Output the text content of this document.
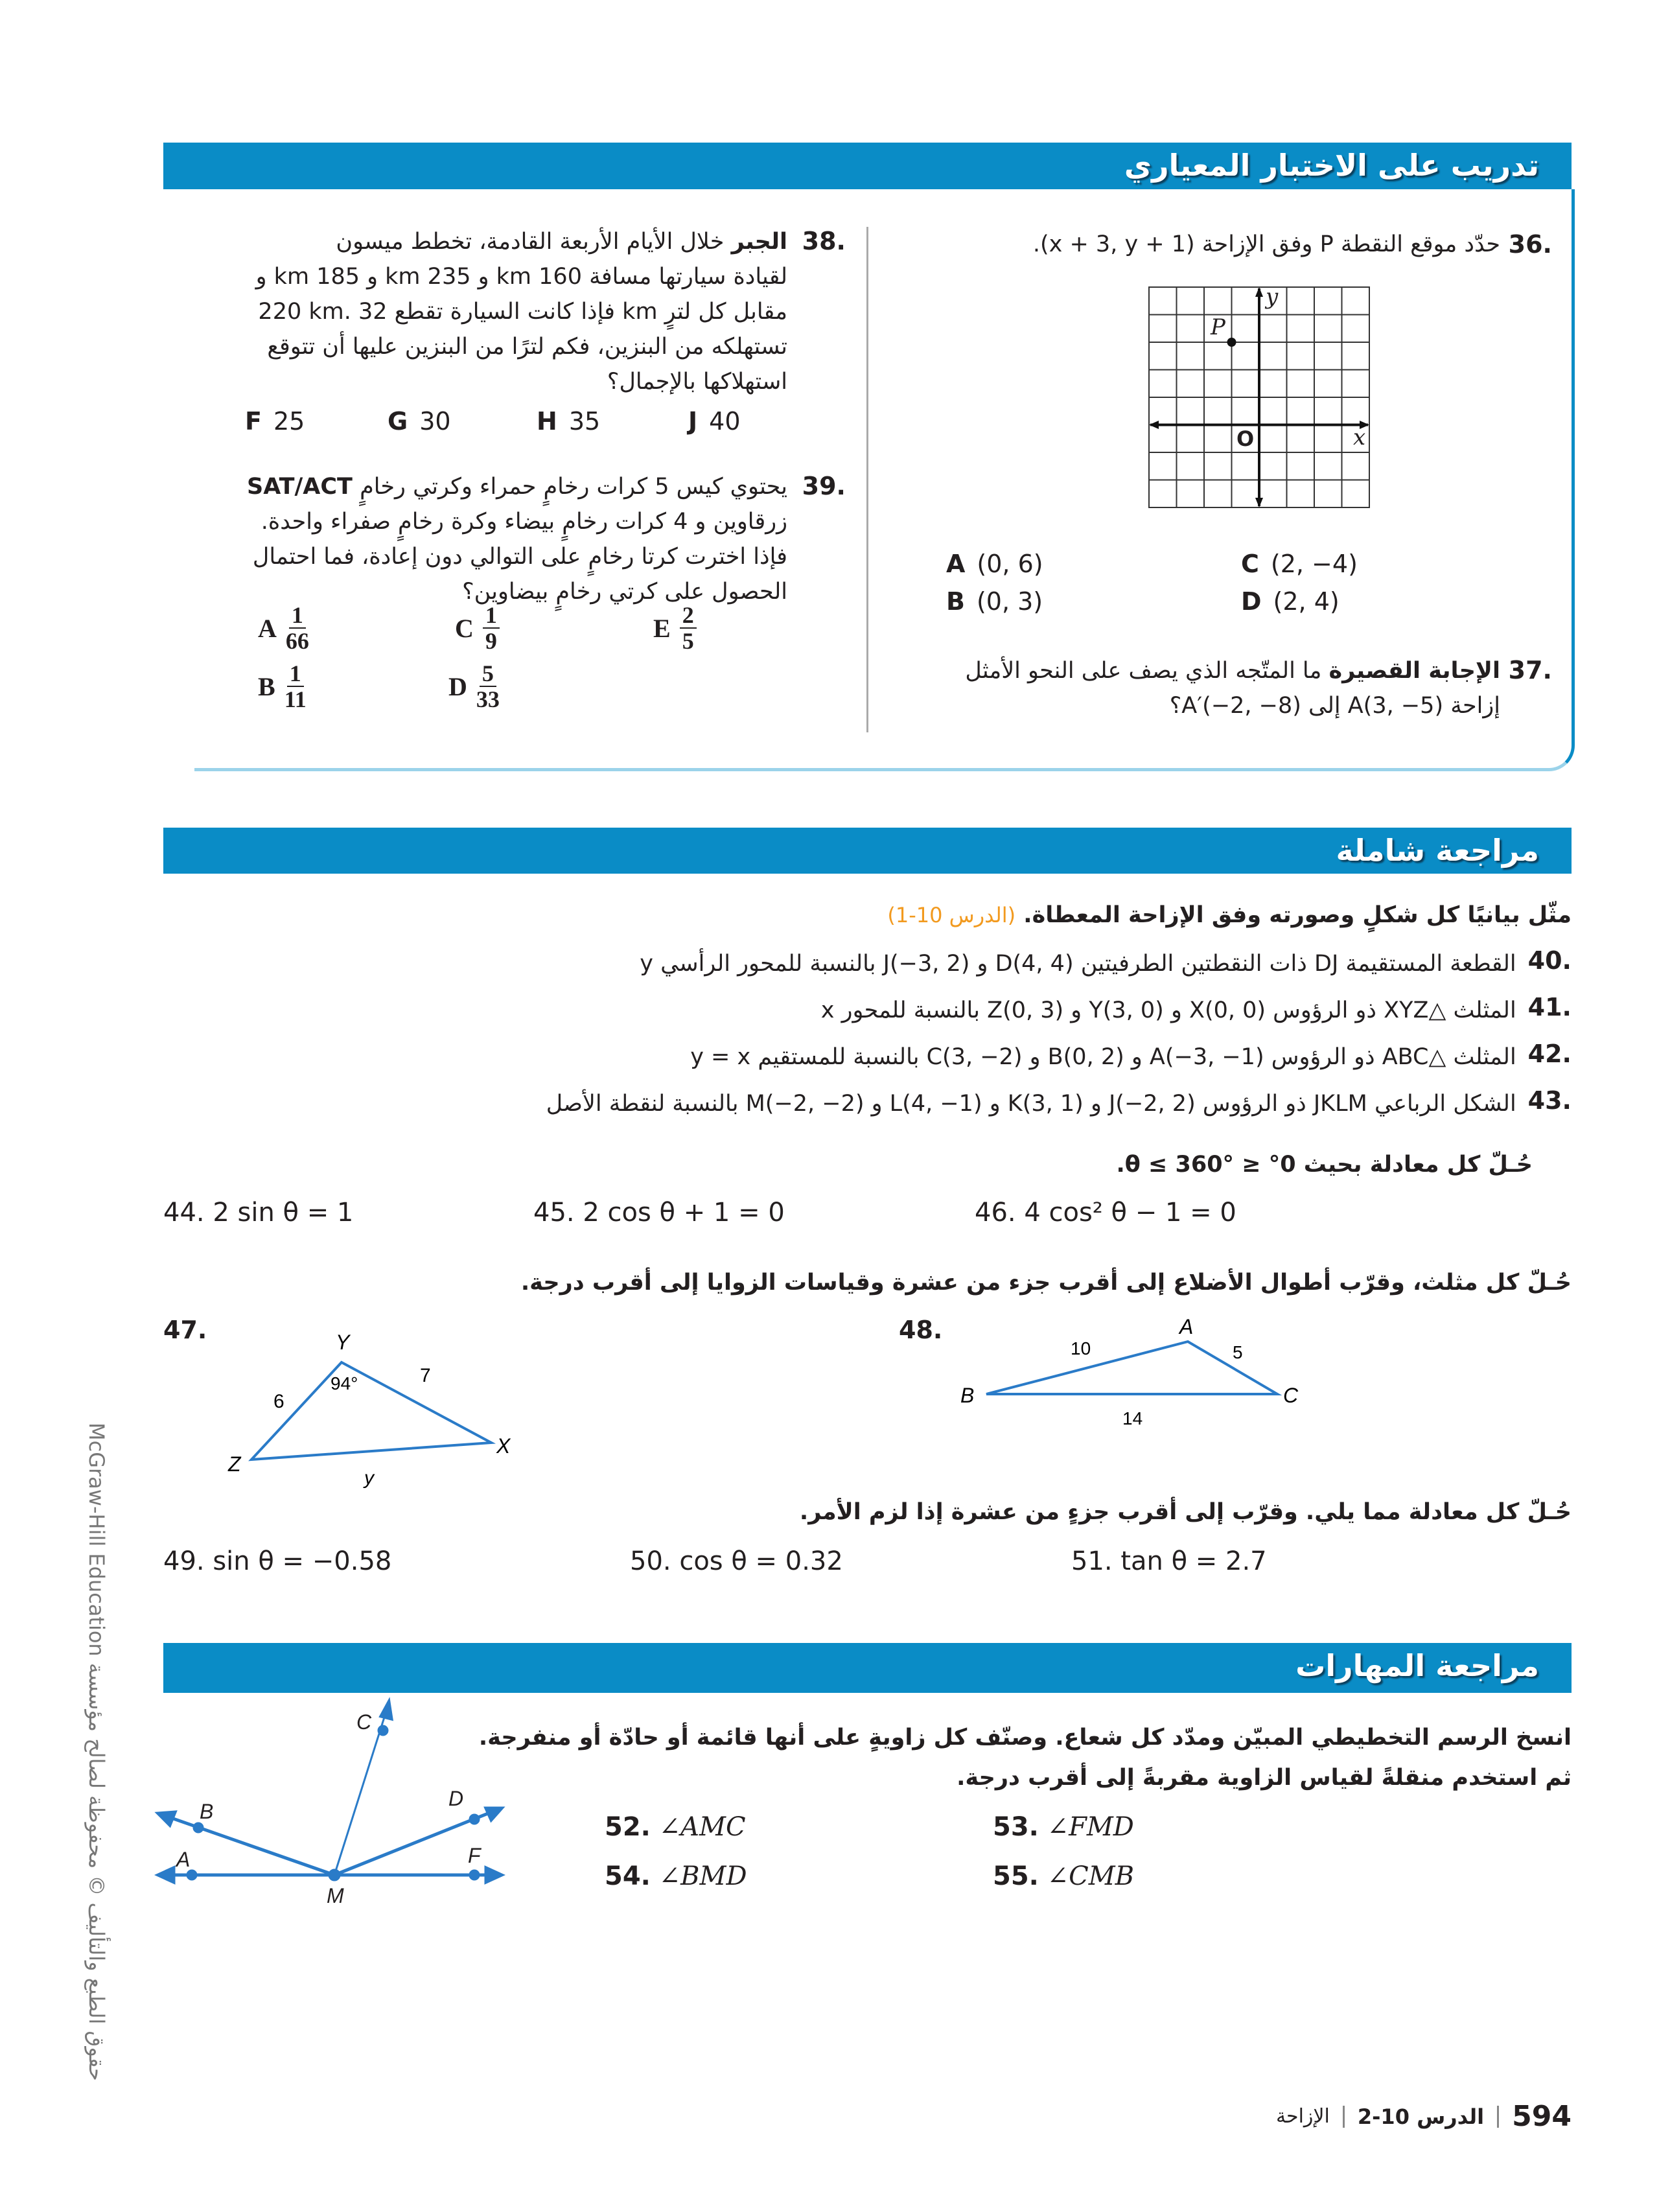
تدريب على الاختبار المعياري
36.
حدّد موقع النقطة P وفق الإزاحة (x + 3, y + 1).
P
y
x
O
A (0, 6)
B (0, 3)
C (2, −4)
D (2, 4)
37.
الإجابة القصيرة ما المتّجه الذي يصف على النحو الأمثل
إزاحة A(3, −5) إلى A′(−2, −8)؟
38.
الجبر خلال الأيام الأربعة القادمة، تخطط ميسون
لقيادة سيارتها مسافة 160 km و 235 km و 185 km و
220 km. فإذا كانت السيارة تقطع 32 km مقابل كل لترٍ
تستهلكه من البنزين، فكم لترًا من البنزين عليها أن تتوقع
استهلاكها بالإجمال؟
F 25	G 30	H 35	J 40
39.
SAT/ACT يحتوي كيس 5 كرات رخامٍ حمراء وكرتي رخامٍ
زرقاوين و 4 كرات رخامٍ بيضاء وكرة رخامٍ صفراء واحدة.
فإذا اخترت كرتا رخامٍ على التوالي دون إعادة، فما احتمال
الحصول على كرتي رخامٍ بيضاوين؟
A $\frac{1}{66}$
B $\frac{1}{11}$
C $\frac{1}{9}$
D $\frac{5}{33}$
E $\frac{2}{5}$
مراجعة شاملة
مثّل بيانيًا كل شكلٍ وصورته وفق الإزاحة المعطاة. (الدرس 10-1)
القطعة المستقيمة DJ ذات النقطتين الطرفيتين D(4, 4) و J(−3, 2) بالنسبة للمحور الرأسي y 40.
المثلث △XYZ ذو الرؤوس X(0, 0) و Y(3, 0) و Z(0, 3) بالنسبة للمحور x 41.
المثلث △ABC ذو الرؤوس A(−3, −1) و B(0, 2) و C(3, −2) بالنسبة للمستقيم y = x 42.
الشكل الرباعي JKLM ذو الرؤوس J(−2, 2) و K(3, 1) و L(4, −1) و M(−2, −2) بالنسبة لنقطة الأصل 43.
حُـلّ كل معادلة بحيث 0° ≤ θ ≤ 360°.
44. 2 sin θ = 1	45. 2 cos θ + 1 = 0	46. 4 cos² θ − 1 = 0
حُـلّ كل مثلث، وقرّب أطوال الأضلاع إلى أقرب جزء من عشرة وقياسات الزوايا إلى أقرب درجة.
47.	Y
Z
X
94°
6
7
y
48.	A
B	C
10	5
14
حُـلّ كل معادلة مما يلي. وقرّب إلى أقرب جزءٍ من عشرة إذا لزم الأمر.
49. sin θ = −0.58	50. cos θ = 0.32	51. tan θ = 2.7
مراجعة المهارات
A
B
C
D
F
M
انسخ الرسم التخطيطي المبيّن ومدّد كل شعاع. وصنّف كل زاويةٍ على أنها قائمة أو حادّة أو منفرجة.
ثم استخدم منقلةً لقياس الزاوية مقربةً إلى أقرب درجة.
52. ∠AMC	53. ∠FMD
54. ∠BMD	55. ∠CMB
McGraw-Hill Education حقوق الطبع والتأليف © محفوظة لصالح مؤسسة
الإزاحة الدرس 10-2 594
